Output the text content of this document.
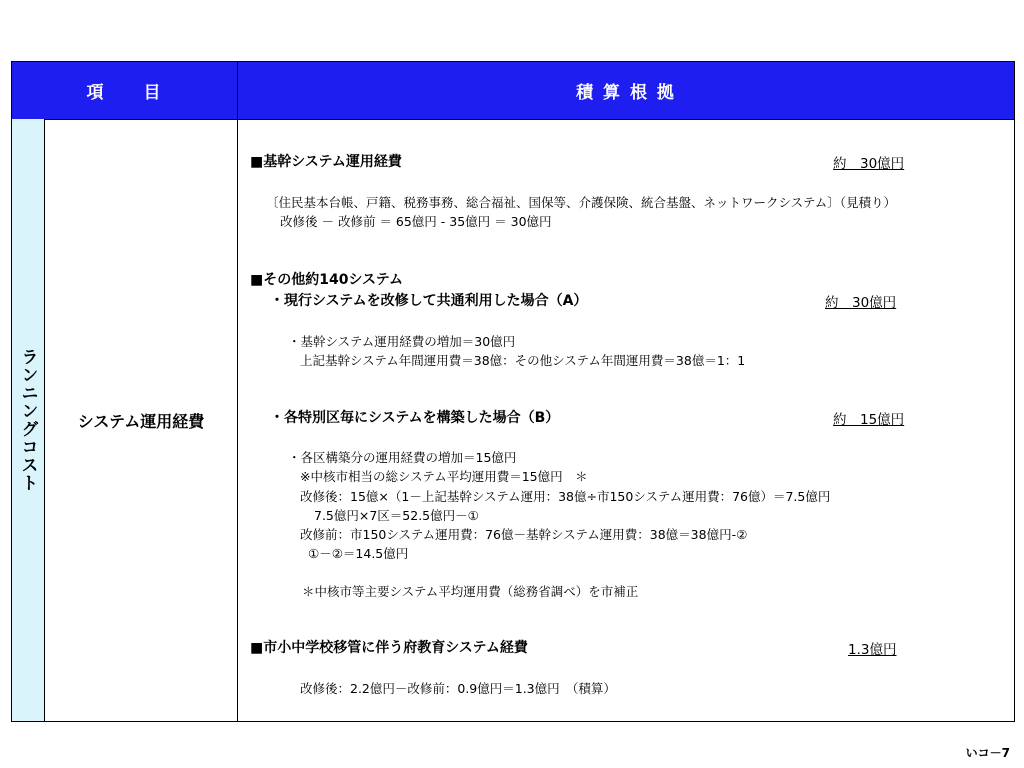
項　　目	積 算 根 拠
ランニングコスト	システム運用経費
■基幹システム運用経費	約　30億円
〔住民基本台帳、戸籍、税務事務、総合福祉、国保等、介護保険、統合基盤、ネットワークシステム〕（見積り）
改修後 － 改修前 ＝ 65億円 - 35億円 ＝ 30億円
■その他約140システム
・現行システムを改修して共通利用した場合（A）	約　30億円
・基幹システム運用経費の増加＝30億円
上記基幹システム年間運用費＝38億：その他システム年間運用費＝38億＝1：1
・各特別区毎にシステムを構築した場合（B）	約　15億円
・各区構築分の運用経費の増加＝15億円
※中核市相当の総システム平均運用費＝15億円　＊
改修後：15億×（1－上記基幹システム運用：38億÷市150システム運用費：76億）＝7.5億円
7.5億円×7区＝52.5億円－①
改修前：市150システム運用費：76億－基幹システム運用費：38億＝38億円-②
①－②＝14.5億円
＊中核市等主要システム平均運用費（総務省調べ）を市補正
■市小中学校移管に伴う府教育システム経費	1.3億円
改修後：2.2億円－改修前：0.9億円＝1.3億円　（積算）
いコ－7
